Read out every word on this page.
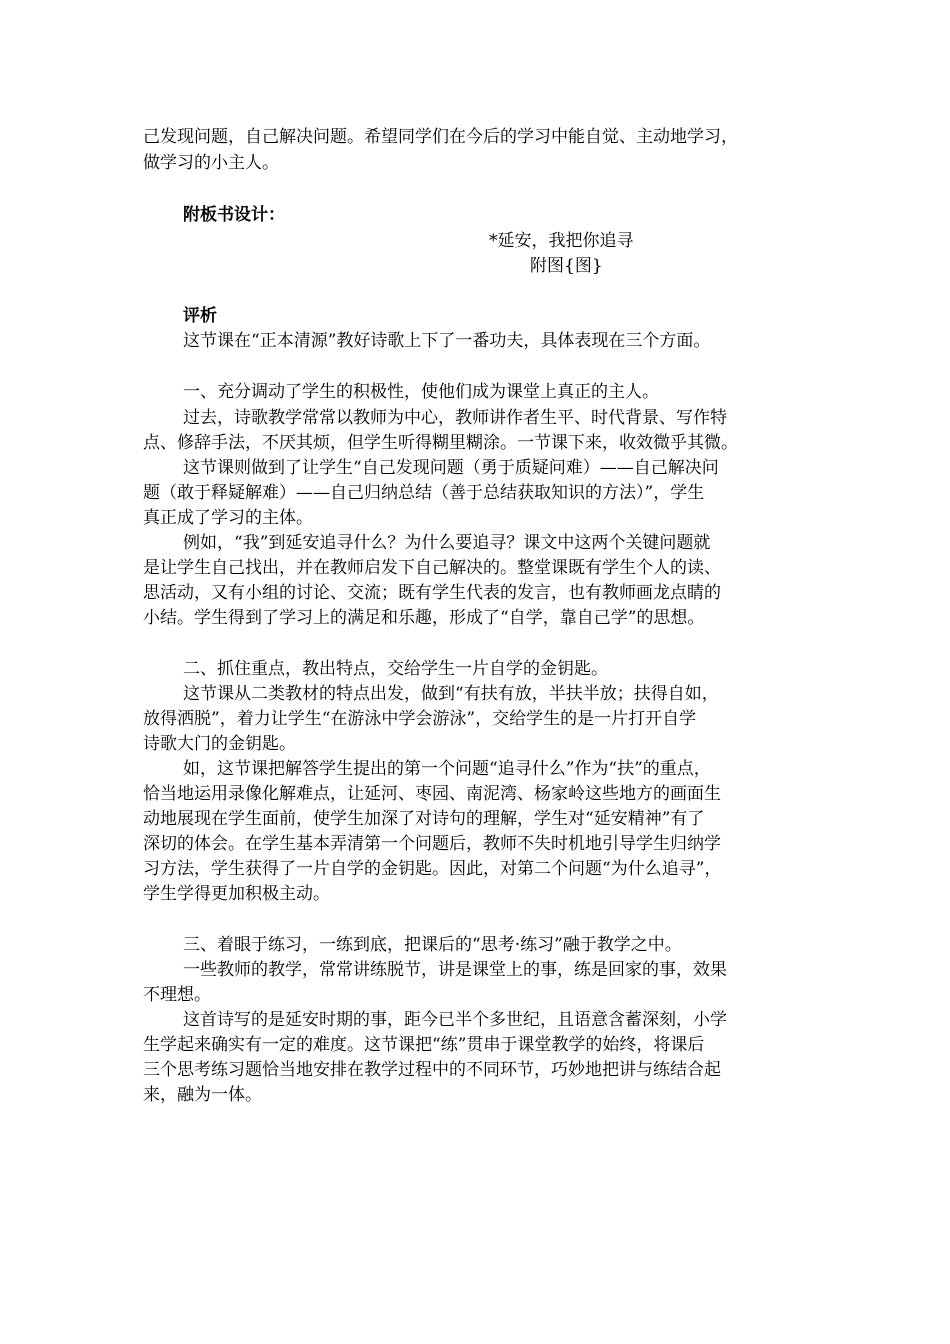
己发现问题，自己解决问题。希望同学们在今后的学习中能自觉、主动地学习，
做学习的小主人。
附板书设计：
*延安，我把你追寻
附图{图}
评析
这节课在“正本清源”教好诗歌上下了一番功夫，具体表现在三个方面。
一、充分调动了学生的积极性，使他们成为课堂上真正的主人。
过去，诗歌教学常常以教师为中心，教师讲作者生平、时代背景、写作特
点、修辞手法，不厌其烦，但学生听得糊里糊涂。一节课下来，收效微乎其微。
这节课则做到了让学生“自己发现问题（勇于质疑问难）——自己解决问
题（敢于释疑解难）——自己归纳总结（善于总结获取知识的方法）”，学生
真正成了学习的主体。
例如，“我”到延安追寻什么？为什么要追寻？课文中这两个关键问题就
是让学生自己找出，并在教师启发下自己解决的。整堂课既有学生个人的读、
思活动，又有小组的讨论、交流；既有学生代表的发言，也有教师画龙点睛的
小结。学生得到了学习上的满足和乐趣，形成了“自学，靠自己学”的思想。
二、抓住重点，教出特点，交给学生一片自学的金钥匙。
这节课从二类教材的特点出发，做到“有扶有放，半扶半放；扶得自如，
放得洒脱”，着力让学生“在游泳中学会游泳”，交给学生的是一片打开自学
诗歌大门的金钥匙。
如，这节课把解答学生提出的第一个问题“追寻什么”作为“扶”的重点，
恰当地运用录像化解难点，让延河、枣园、南泥湾、杨家岭这些地方的画面生
动地展现在学生面前，使学生加深了对诗句的理解，学生对“延安精神”有了
深切的体会。在学生基本弄清第一个问题后，教师不失时机地引导学生归纳学
习方法，学生获得了一片自学的金钥匙。因此，对第二个问题“为什么追寻”，
学生学得更加积极主动。
三、着眼于练习，一练到底，把课后的“思考·练习”融于教学之中。
一些教师的教学，常常讲练脱节，讲是课堂上的事，练是回家的事，效果
不理想。
这首诗写的是延安时期的事，距今已半个多世纪，且语意含蓄深刻，小学
生学起来确实有一定的难度。这节课把“练”贯串于课堂教学的始终，将课后
三个思考练习题恰当地安排在教学过程中的不同环节，巧妙地把讲与练结合起
来，融为一体。
